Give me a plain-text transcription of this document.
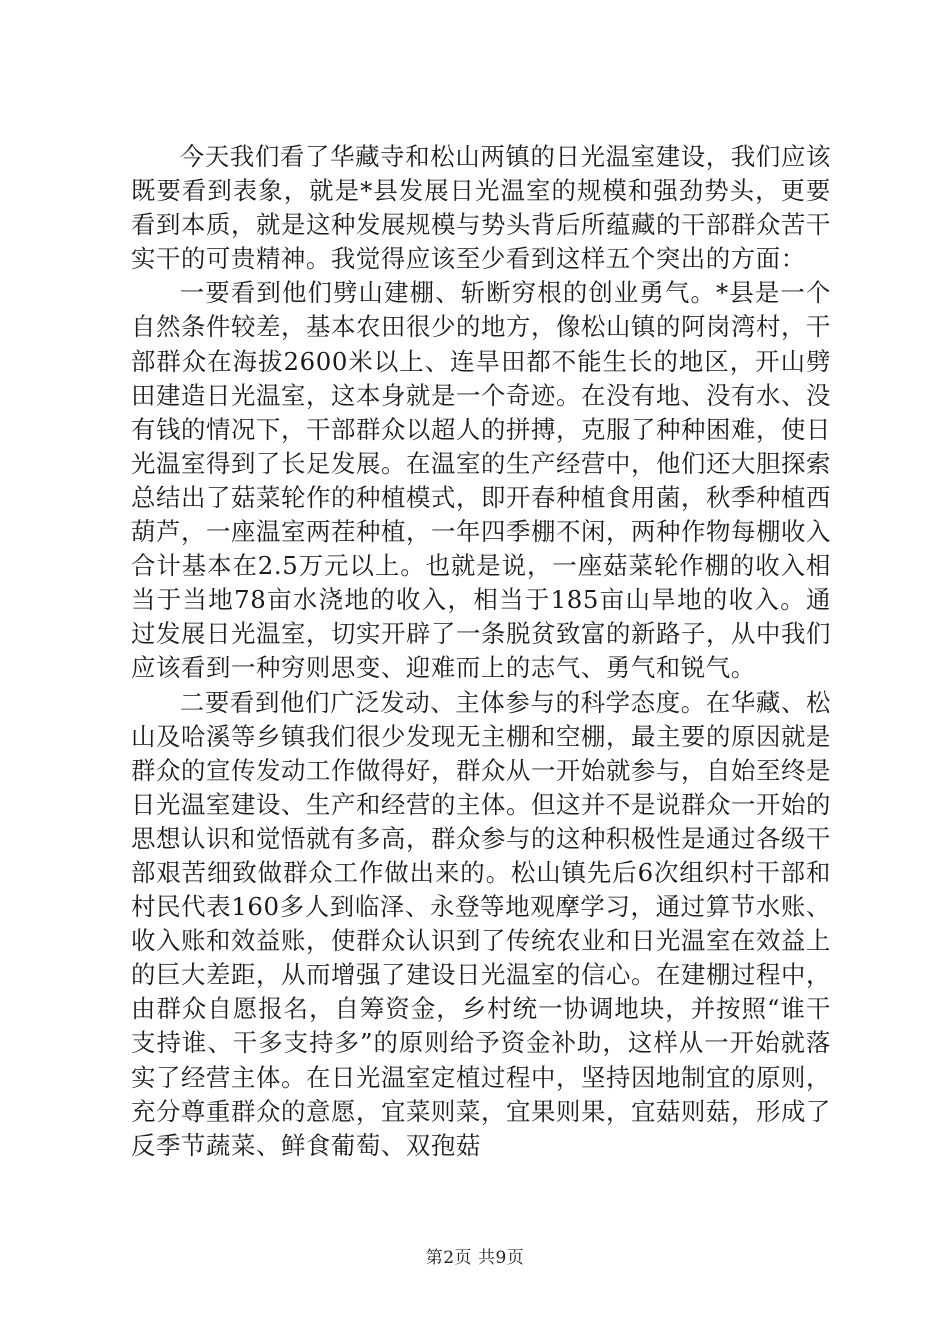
今天我们看了华藏寺和松山两镇的日光温室建设，我们应该既要看到表象，就是*县发展日光温室的规模和强劲势头，更要看到本质，就是这种发展规模与势头背后所蕴藏的干部群众苦干实干的可贵精神。我觉得应该至少看到这样五个突出的方面：

一要看到他们劈山建棚、斩断穷根的创业勇气。*县是一个自然条件较差，基本农田很少的地方，像松山镇的阿岗湾村，干部群众在海拔2600米以上、连旱田都不能生长的地区，开山劈田建造日光温室，这本身就是一个奇迹。在没有地、没有水、没有钱的情况下，干部群众以超人的拼搏，克服了种种困难，使日光温室得到了长足发展。在温室的生产经营中，他们还大胆探索总结出了菇菜轮作的种植模式，即开春种植食用菌，秋季种植西葫芦，一座温室两茬种植，一年四季棚不闲，两种作物每棚收入合计基本在2.5万元以上。也就是说，一座菇菜轮作棚的收入相当于当地78亩水浇地的收入，相当于185亩山旱地的收入。通过发展日光温室，切实开辟了一条脱贫致富的新路子，从中我们应该看到一种穷则思变、迎难而上的志气、勇气和锐气。

二要看到他们广泛发动、主体参与的科学态度。在华藏、松山及哈溪等乡镇我们很少发现无主棚和空棚，最主要的原因就是群众的宣传发动工作做得好，群众从一开始就参与，自始至终是日光温室建设、生产和经营的主体。但这并不是说群众一开始的思想认识和觉悟就有多高，群众参与的这种积极性是通过各级干部艰苦细致做群众工作做出来的。松山镇先后6次组织村干部和村民代表160多人到临泽、永登等地观摩学习，通过算节水账、收入账和效益账，使群众认识到了传统农业和日光温室在效益上的巨大差距，从而增强了建设日光温室的信心。在建棚过程中，由群众自愿报名，自筹资金，乡村统一协调地块，并按照“谁干支持谁、干多支持多”的原则给予资金补助，这样从一开始就落实了经营主体。在日光温室定植过程中，坚持因地制宜的原则，充分尊重群众的意愿，宜菜则菜，宜果则果，宜菇则菇，形成了反季节蔬菜、鲜食葡萄、双孢菇

第2页 共9页
